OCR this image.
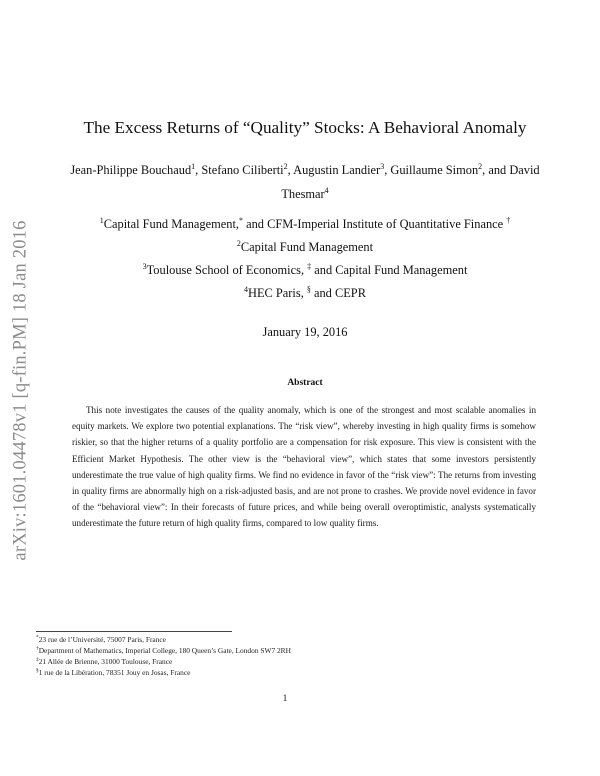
arXiv:1601.04478v1 [q-fin.PM] 18 Jan 2016
The Excess Returns of “Quality” Stocks: A Behavioral Anomaly
Jean-Philippe Bouchaud$^1$, Stefano Ciliberti$^2$, Augustin Landier$^3$, Guillaume Simon$^2$, and David
Thesmar$^4$
$^1$Capital Fund Management,* and CFM-Imperial Institute of Quantitative Finance †
$^2$Capital Fund Management
$^3$Toulouse School of Economics, ‡ and Capital Fund Management
$^4$HEC Paris, § and CEPR
January 19, 2016
Abstract
This note investigates the causes of the quality anomaly, which is one of the strongest and most scalable anomalies in equity markets. We explore two potential explanations. The “risk view”, whereby investing in high quality firms is somehow riskier, so that the higher returns of a quality portfolio are a compensation for risk exposure. This view is consistent with the Efficient Market Hypothesis. The other view is the “behavioral view”, which states that some investors persistently underestimate the true value of high quality firms. We find no evidence in favor of the “risk view”: The returns from investing in quality firms are abnormally high on a risk-adjusted basis, and are not prone to crashes. We provide novel evidence in favor of the “behavioral view”: In their forecasts of future prices, and while being overall overoptimistic, analysts systematically underestimate the future return of high quality firms, compared to low quality firms.
*23 rue de l’Université, 75007 Paris, France
†Department of Mathematics, Imperial College, 180 Queen’s Gate, London SW7 2RH
‡21 Allée de Brienne, 31000 Toulouse, France
§1 rue de la Libération, 78351 Jouy en Josas, France
1
